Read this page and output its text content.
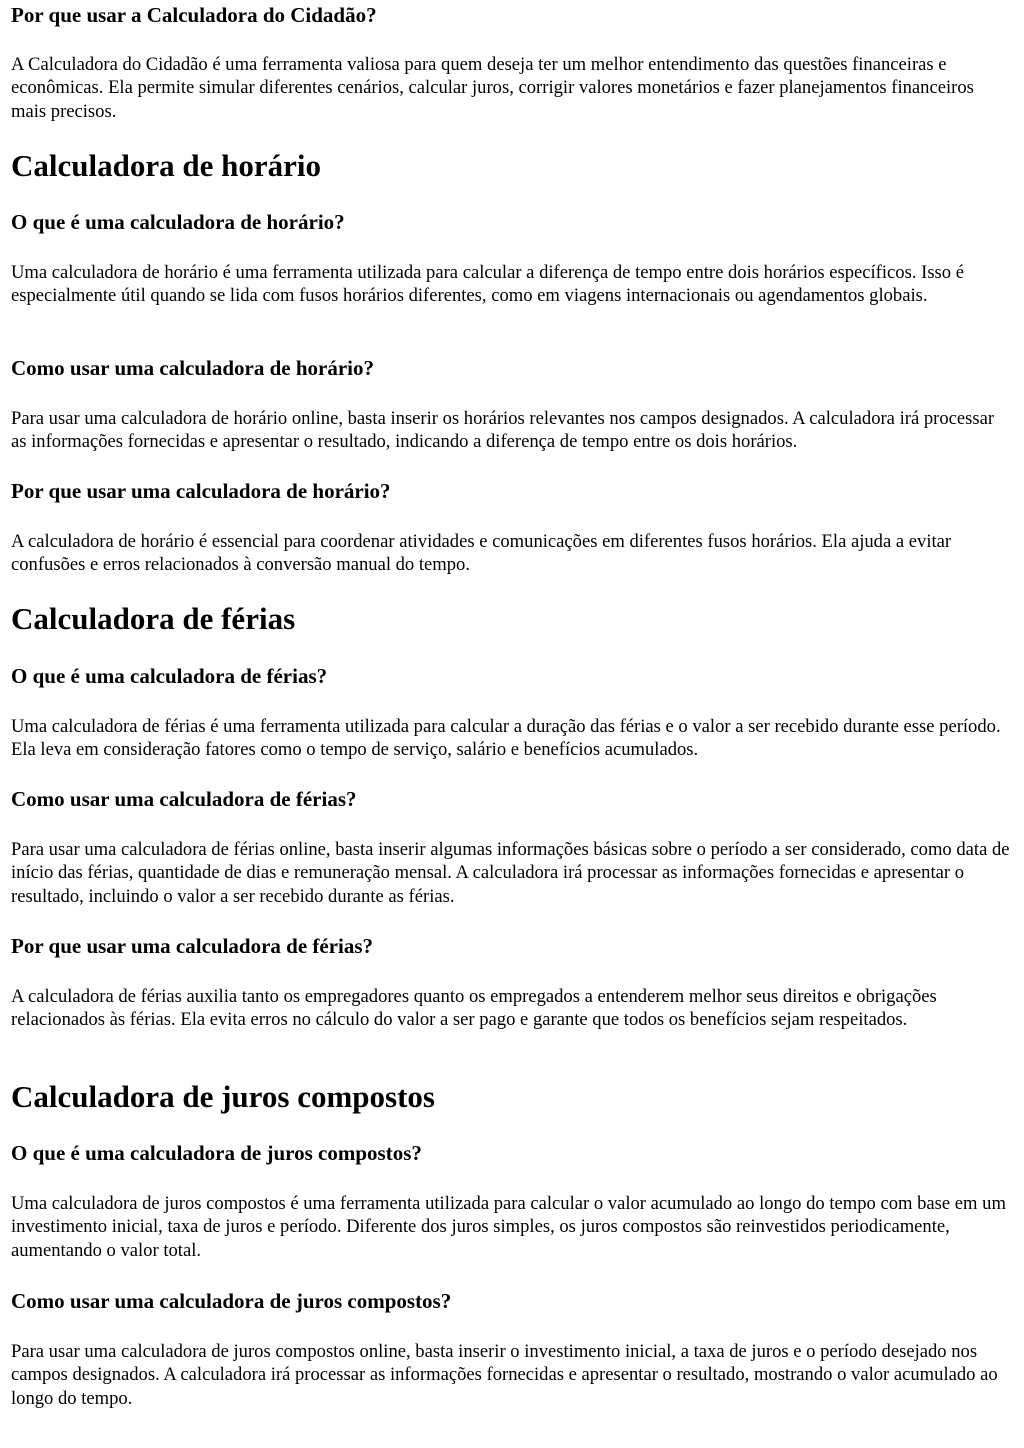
Por que usar a Calculadora do Cidadão?
A Calculadora do Cidadão é uma ferramenta valiosa para quem deseja ter um melhor entendimento das questões financeiras e econômicas. Ela permite simular diferentes cenários, calcular juros, corrigir valores monetários e fazer planejamentos financeiros mais precisos.
Calculadora de horário
O que é uma calculadora de horário?
Uma calculadora de horário é uma ferramenta utilizada para calcular a diferença de tempo entre dois horários específicos. Isso é especialmente útil quando se lida com fusos horários diferentes, como em viagens internacionais ou agendamentos globais.
Como usar uma calculadora de horário?
Para usar uma calculadora de horário online, basta inserir os horários relevantes nos campos designados. A calculadora irá processar as informações fornecidas e apresentar o resultado, indicando a diferença de tempo entre os dois horários.
Por que usar uma calculadora de horário?
A calculadora de horário é essencial para coordenar atividades e comunicações em diferentes fusos horários. Ela ajuda a evitar confusões e erros relacionados à conversão manual do tempo.
Calculadora de férias
O que é uma calculadora de férias?
Uma calculadora de férias é uma ferramenta utilizada para calcular a duração das férias e o valor a ser recebido durante esse período. Ela leva em consideração fatores como o tempo de serviço, salário e benefícios acumulados.
Como usar uma calculadora de férias?
Para usar uma calculadora de férias online, basta inserir algumas informações básicas sobre o período a ser considerado, como data de início das férias, quantidade de dias e remuneração mensal. A calculadora irá processar as informações fornecidas e apresentar o resultado, incluindo o valor a ser recebido durante as férias.
Por que usar uma calculadora de férias?
A calculadora de férias auxilia tanto os empregadores quanto os empregados a entenderem melhor seus direitos e obrigações relacionados às férias. Ela evita erros no cálculo do valor a ser pago e garante que todos os benefícios sejam respeitados.
Calculadora de juros compostos
O que é uma calculadora de juros compostos?
Uma calculadora de juros compostos é uma ferramenta utilizada para calcular o valor acumulado ao longo do tempo com base em um investimento inicial, taxa de juros e período. Diferente dos juros simples, os juros compostos são reinvestidos periodicamente, aumentando o valor total.
Como usar uma calculadora de juros compostos?
Para usar uma calculadora de juros compostos online, basta inserir o investimento inicial, a taxa de juros e o período desejado nos campos designados. A calculadora irá processar as informações fornecidas e apresentar o resultado, mostrando o valor acumulado ao longo do tempo.
